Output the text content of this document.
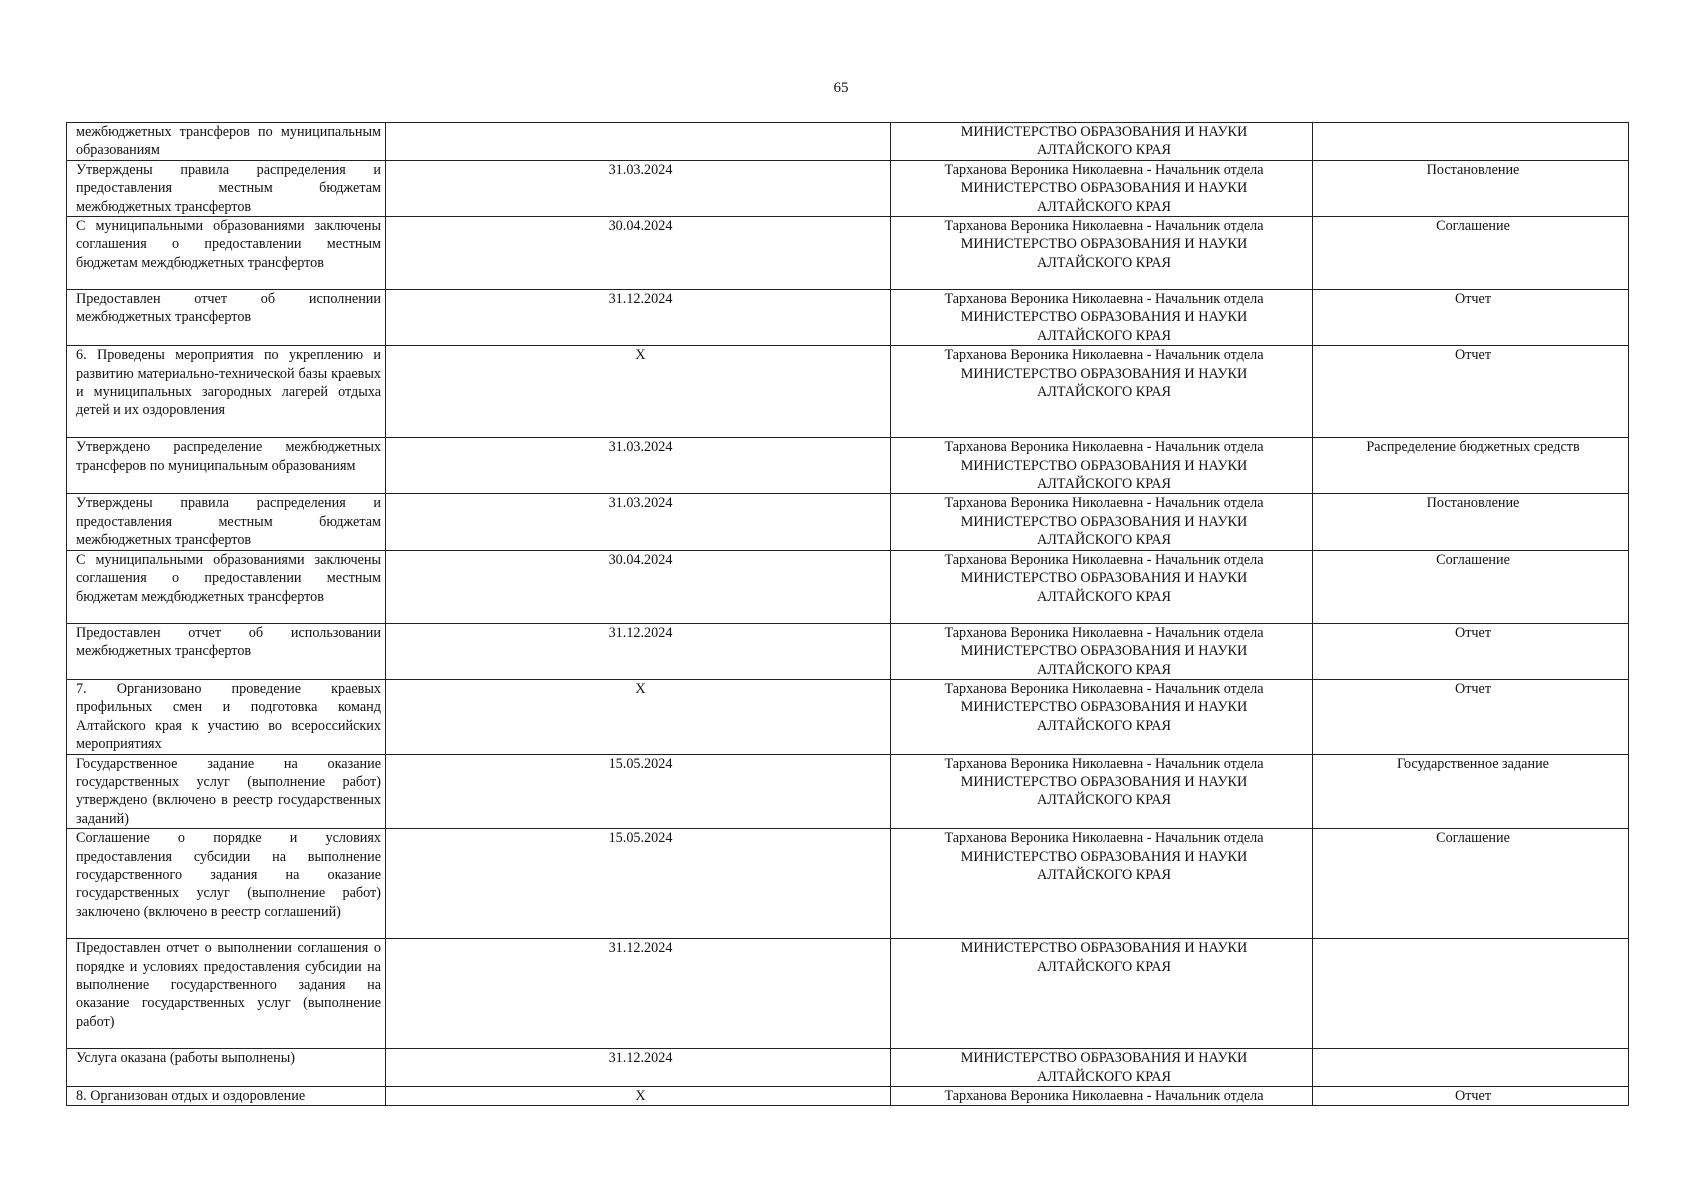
65
межбюджетных трансферов по муниципальным образованиям		МИНИСТЕРСТВО ОБРАЗОВАНИЯ И НАУКИ
АЛТАЙСКОГО КРАЯ	

Утверждены правила распределения и предоставления местным бюджетам межбюджетных трансфертов	31.03.2024	Тарханова Вероника Николаевна - Начальник отдела
МИНИСТЕРСТВО ОБРАЗОВАНИЯ И НАУКИ
АЛТАЙСКОГО КРАЯ	Постановление
С муниципальными образованиями заключены соглашения о предоставлении местным бюджетам междбюджетных трансфертов	30.04.2024	Тарханова Вероника Николаевна - Начальник отдела
МИНИСТЕРСТВО ОБРАЗОВАНИЯ И НАУКИ
АЛТАЙСКОГО КРАЯ	Соглашение
Предоставлен отчет об исполнении межбюджетных трансфертов	31.12.2024	Тарханова Вероника Николаевна - Начальник отдела
МИНИСТЕРСТВО ОБРАЗОВАНИЯ И НАУКИ
АЛТАЙСКОГО КРАЯ	Отчет
6. Проведены мероприятия по укреплению и развитию материально-технической базы краевых и муниципальных загородных лагерей отдыха детей и их оздоровления	X	Тарханова Вероника Николаевна - Начальник отдела
МИНИСТЕРСТВО ОБРАЗОВАНИЯ И НАУКИ
АЛТАЙСКОГО КРАЯ	Отчет
Утверждено распределение межбюджетных трансферов по муниципальным образованиям	31.03.2024	Тарханова Вероника Николаевна - Начальник отдела
МИНИСТЕРСТВО ОБРАЗОВАНИЯ И НАУКИ
АЛТАЙСКОГО КРАЯ	Распределение бюджетных средств
Утверждены правила распределения и предоставления местным бюджетам межбюджетных трансфертов	31.03.2024	Тарханова Вероника Николаевна - Начальник отдела
МИНИСТЕРСТВО ОБРАЗОВАНИЯ И НАУКИ
АЛТАЙСКОГО КРАЯ	Постановление
С муниципальными образованиями заключены соглашения о предоставлении местным бюджетам междбюджетных трансфертов	30.04.2024	Тарханова Вероника Николаевна - Начальник отдела
МИНИСТЕРСТВО ОБРАЗОВАНИЯ И НАУКИ
АЛТАЙСКОГО КРАЯ	Соглашение
Предоставлен отчет об использовании межбюджетных трансфертов	31.12.2024	Тарханова Вероника Николаевна - Начальник отдела
МИНИСТЕРСТВО ОБРАЗОВАНИЯ И НАУКИ
АЛТАЙСКОГО КРАЯ	Отчет
7. Организовано проведение краевых профильных смен и подготовка команд Алтайского края к участию во всероссийских мероприятиях	X	Тарханова Вероника Николаевна - Начальник отдела
МИНИСТЕРСТВО ОБРАЗОВАНИЯ И НАУКИ
АЛТАЙСКОГО КРАЯ	Отчет
Государственное задание на оказание государственных услуг (выполнение работ) утверждено (включено в реестр государственных заданий)	15.05.2024	Тарханова Вероника Николаевна - Начальник отдела
МИНИСТЕРСТВО ОБРАЗОВАНИЯ И НАУКИ
АЛТАЙСКОГО КРАЯ	Государственное задание
Соглашение о порядке и условиях предоставления субсидии на выполнение государственного задания на оказание государственных услуг (выполнение работ) заключено (включено в реестр соглашений)	15.05.2024	Тарханова Вероника Николаевна - Начальник отдела
МИНИСТЕРСТВО ОБРАЗОВАНИЯ И НАУКИ
АЛТАЙСКОГО КРАЯ	Соглашение
Предоставлен отчет о выполнении соглашения о порядке и условиях предоставления субсидии на выполнение государственного задания на оказание государственных услуг (выполнение работ)	31.12.2024	МИНИСТЕРСТВО ОБРАЗОВАНИЯ И НАУКИ
АЛТАЙСКОГО КРАЯ	

Услуга оказана (работы выполнены)	31.12.2024	МИНИСТЕРСТВО ОБРАЗОВАНИЯ И НАУКИ
АЛТАЙСКОГО КРАЯ	

8. Организован отдых и оздоровление	X	Тарханова Вероника Николаевна - Начальник отдела	Отчет
